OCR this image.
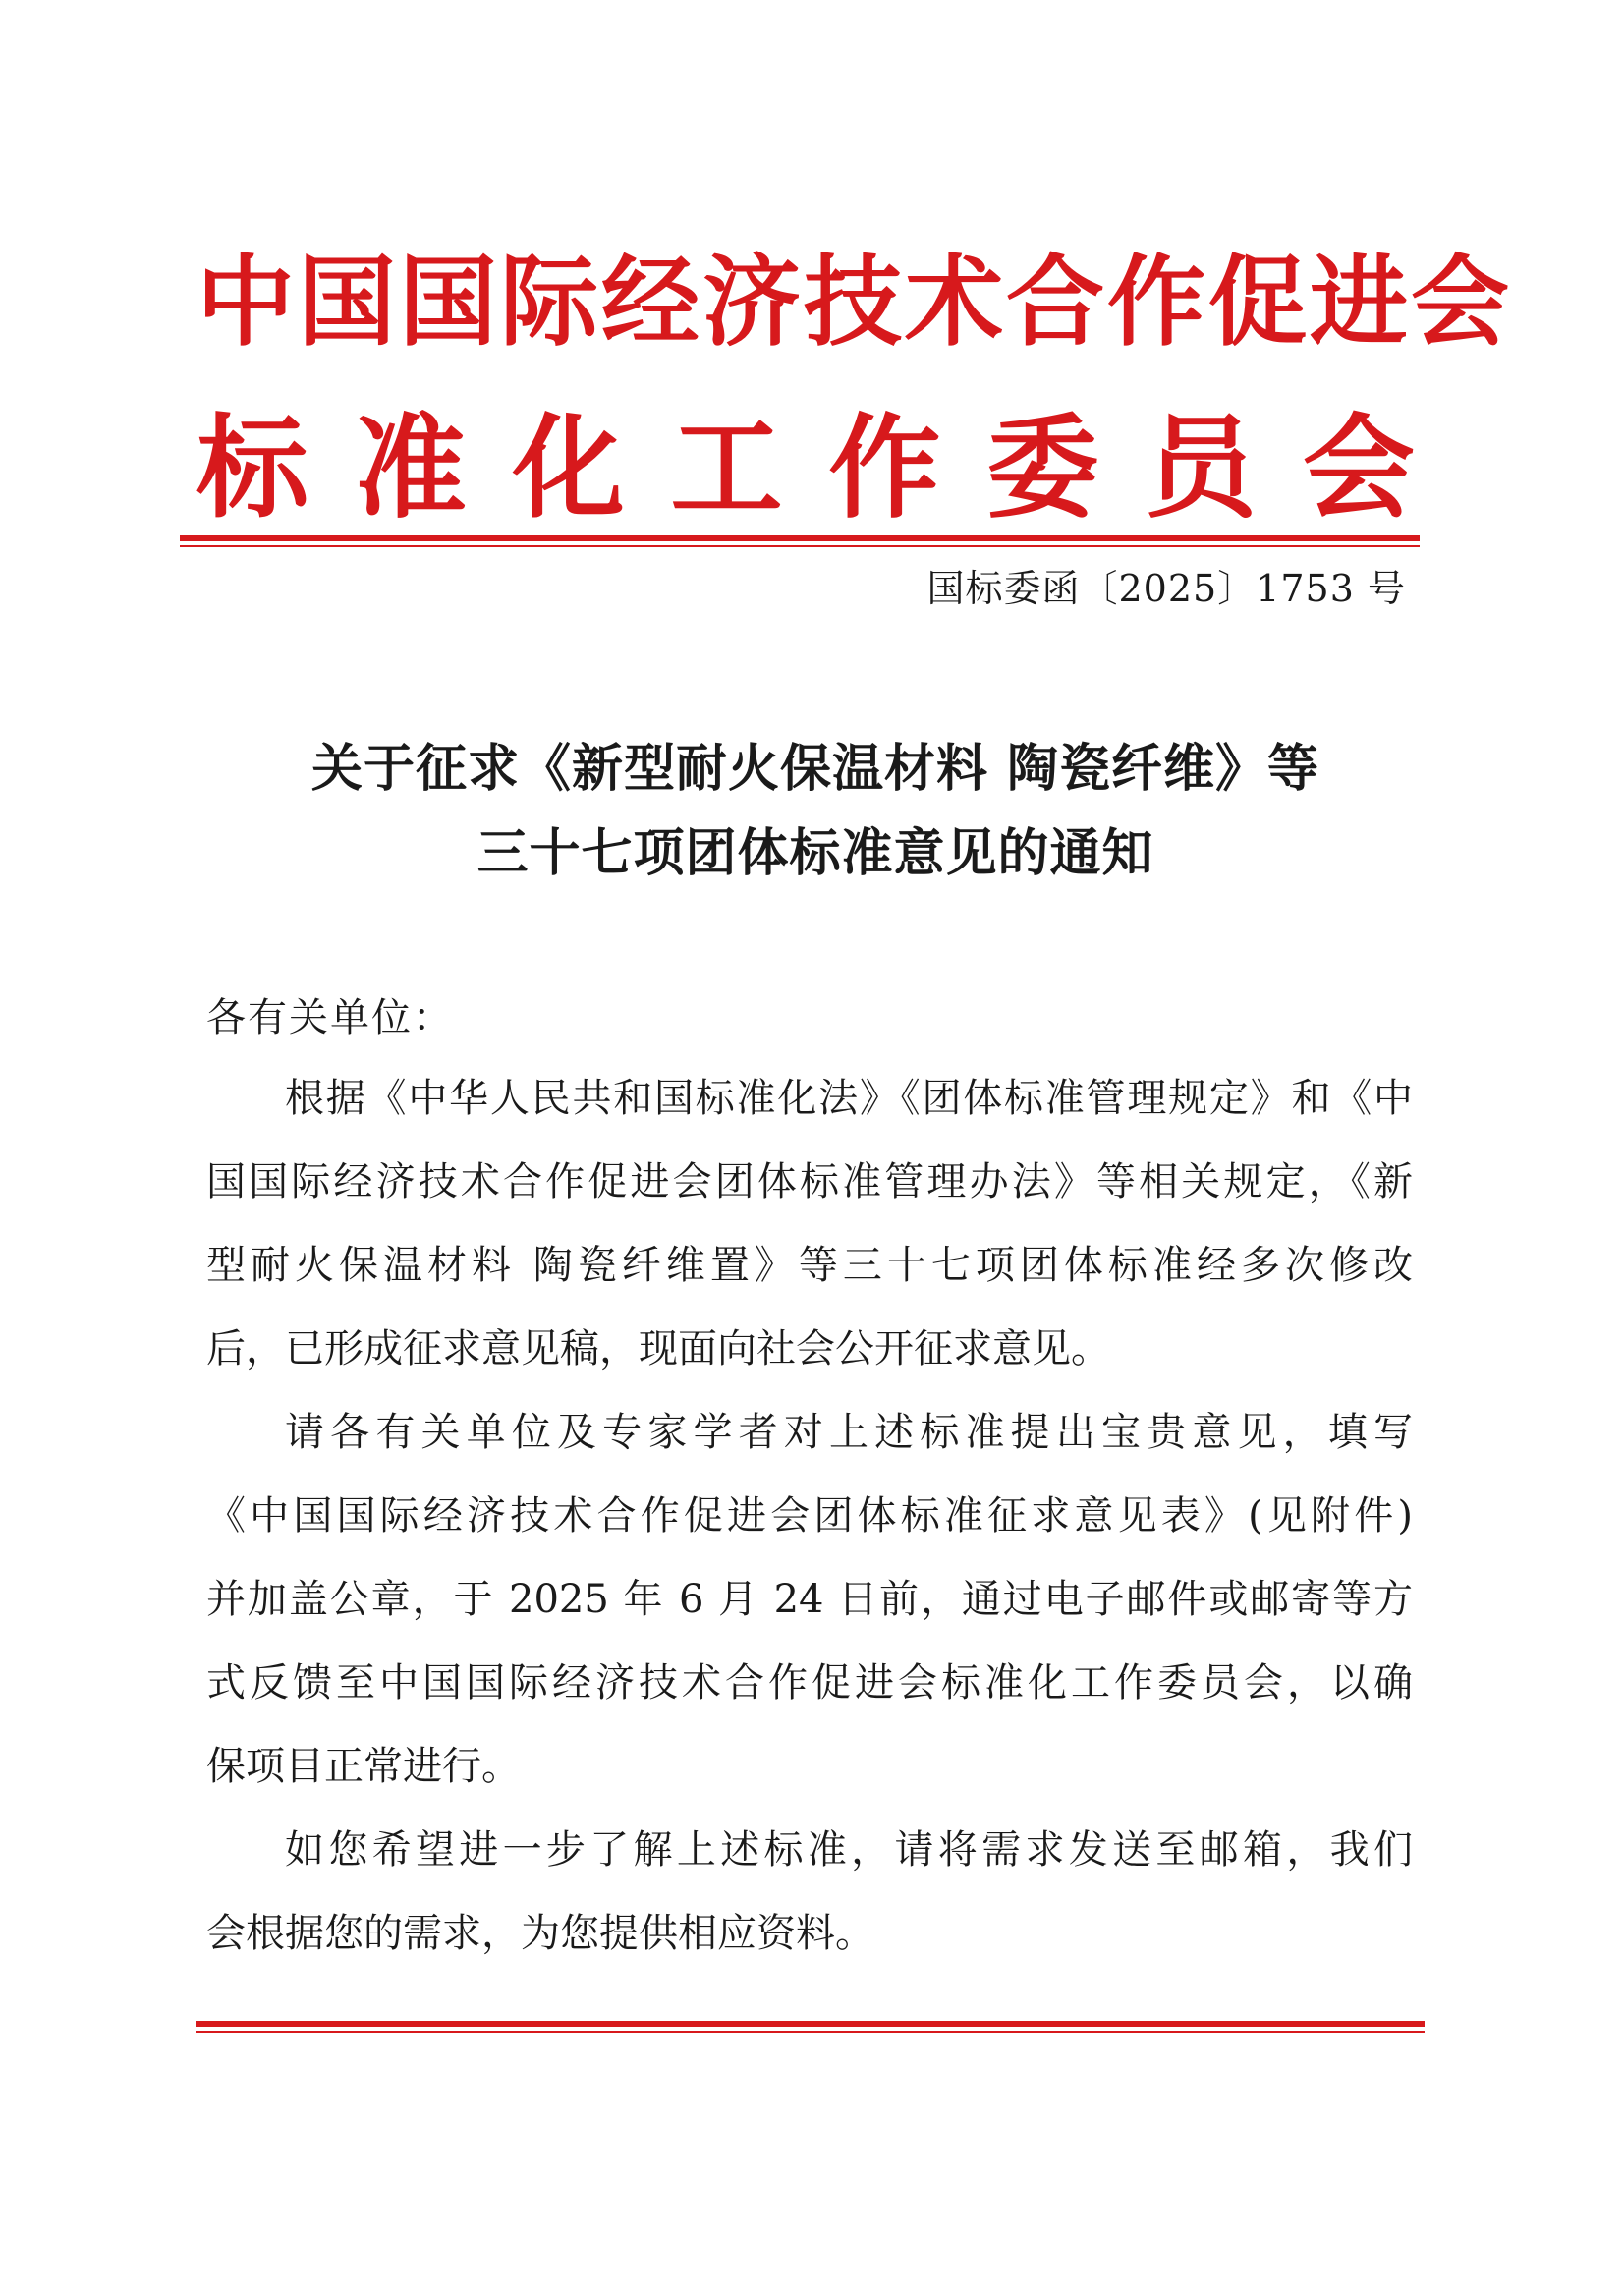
中国国际经济技术合作促进会
标 准 化 工 作 委 员 会
国标委函〔2025〕1753 号
关于征求《新型耐火保温材料 陶瓷纤维》等
三十七项团体标准意见的通知
各有关单位：
根据《中华人民共和国标准化法》《团体标准管理规定》和《中
国国际经济技术合作促进会团体标准管理办法》等相关规定，《新
型耐火保温材料 陶瓷纤维置》等三十七项团体标准经多次修改
后，已形成征求意见稿，现面向社会公开征求意见。
请各有关单位及专家学者对上述标准提出宝贵意见，填写
《中国国际经济技术合作促进会团体标准征求意见表》(见附件)
并加盖公章，于 2025 年 6 月 24 日前，通过电子邮件或邮寄等方
式反馈至中国国际经济技术合作促进会标准化工作委员会，以确
保项目正常进行。
如您希望进一步了解上述标准，请将需求发送至邮箱，我们
会根据您的需求，为您提供相应资料。
